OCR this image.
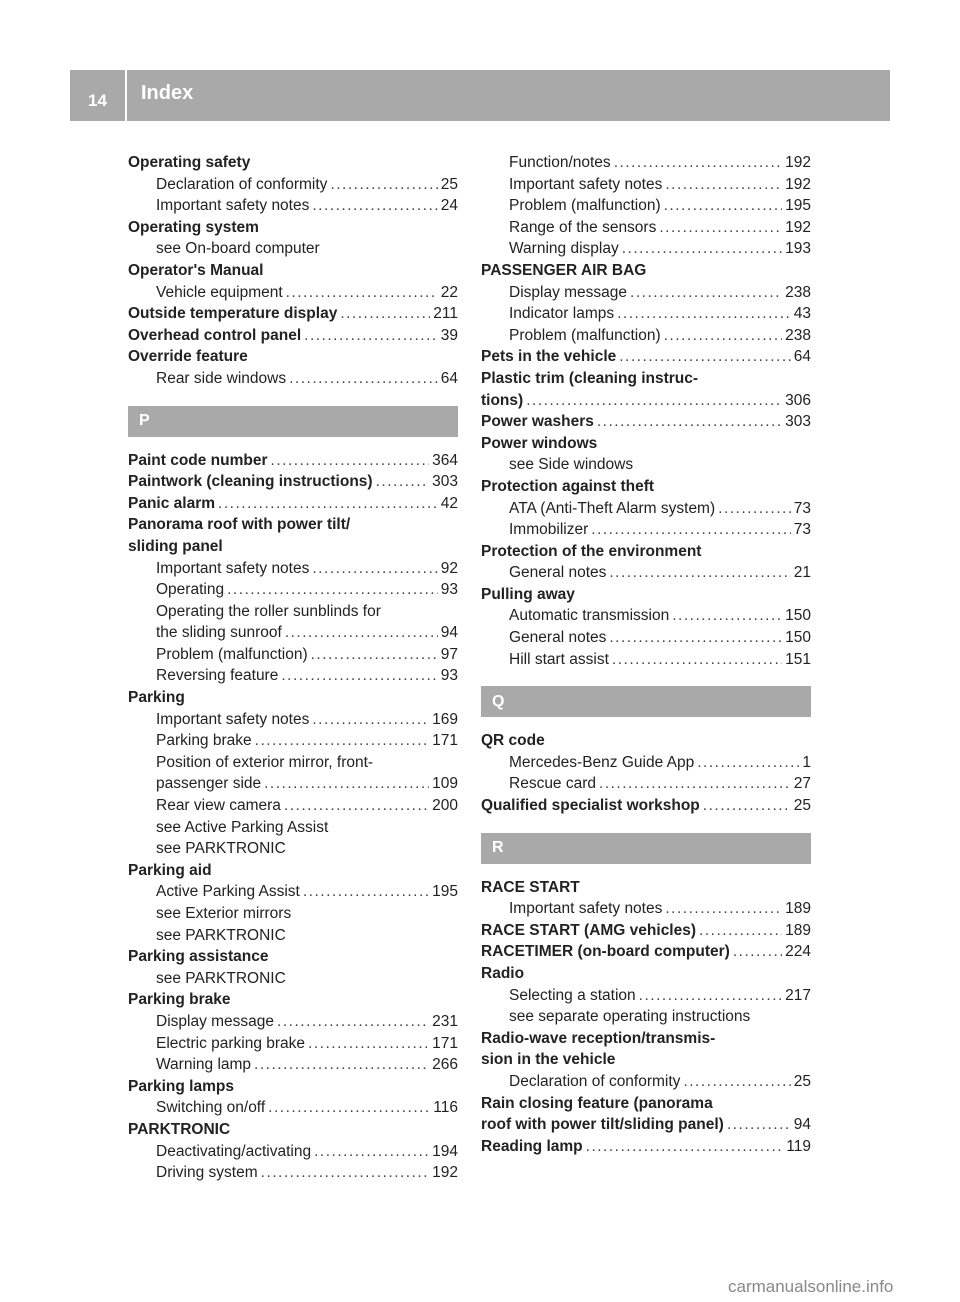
14	Index
Operating safety
Declaration of conformity .....	25
Important safety notes .....	24
Operating system
see On-board computer
Operator's Manual
Vehicle equipment .....	22
Outside temperature display .....	211
Overhead control panel .....	39
Override feature
Rear side windows .....	64
P
Paint code number .....	364
Paintwork (cleaning instructions) .....	303
Panic alarm .....	42
Panorama roof with power tilt/
sliding panel
Important safety notes .....	92
Operating .....	93
Operating the roller sunblinds for
the sliding sunroof .....	94
Problem (malfunction) .....	97
Reversing feature .....	93
Parking
Important safety notes .....	169
Parking brake .....	171
Position of exterior mirror, front-
passenger side .....	109
Rear view camera .....	200
see Active Parking Assist
see PARKTRONIC
Parking aid
Active Parking Assist .....	195
see Exterior mirrors
see PARKTRONIC
Parking assistance
see PARKTRONIC
Parking brake
Display message .....	231
Electric parking brake .....	171
Warning lamp .....	266
Parking lamps
Switching on/off .....	116
PARKTRONIC
Deactivating/activating .....	194
Driving system .....	192
Function/notes .....	192
Important safety notes .....	192
Problem (malfunction) .....	195
Range of the sensors .....	192
Warning display .....	193
PASSENGER AIR BAG
Display message .....	238
Indicator lamps .....	43
Problem (malfunction) .....	238
Pets in the vehicle .....	64
Plastic trim (cleaning instruc-
tions) .....	306
Power washers .....	303
Power windows
see Side windows
Protection against theft
ATA (Anti-Theft Alarm system) .....	73
Immobilizer .....	73
Protection of the environment
General notes .....	21
Pulling away
Automatic transmission .....	150
General notes .....	150
Hill start assist .....	151
Q
QR code
Mercedes-Benz Guide App .....	1
Rescue card .....	27
Qualified specialist workshop .....	25
R
RACE START
Important safety notes .....	189
RACE START (AMG vehicles) .....	189
RACETIMER (on-board computer) .....	224
Radio
Selecting a station .....	217
see separate operating instructions
Radio-wave reception/transmis-
sion in the vehicle
Declaration of conformity .....	25
Rain closing feature (panorama
roof with power tilt/sliding panel) .....	94
Reading lamp .....	119
carmanualsonline.info
